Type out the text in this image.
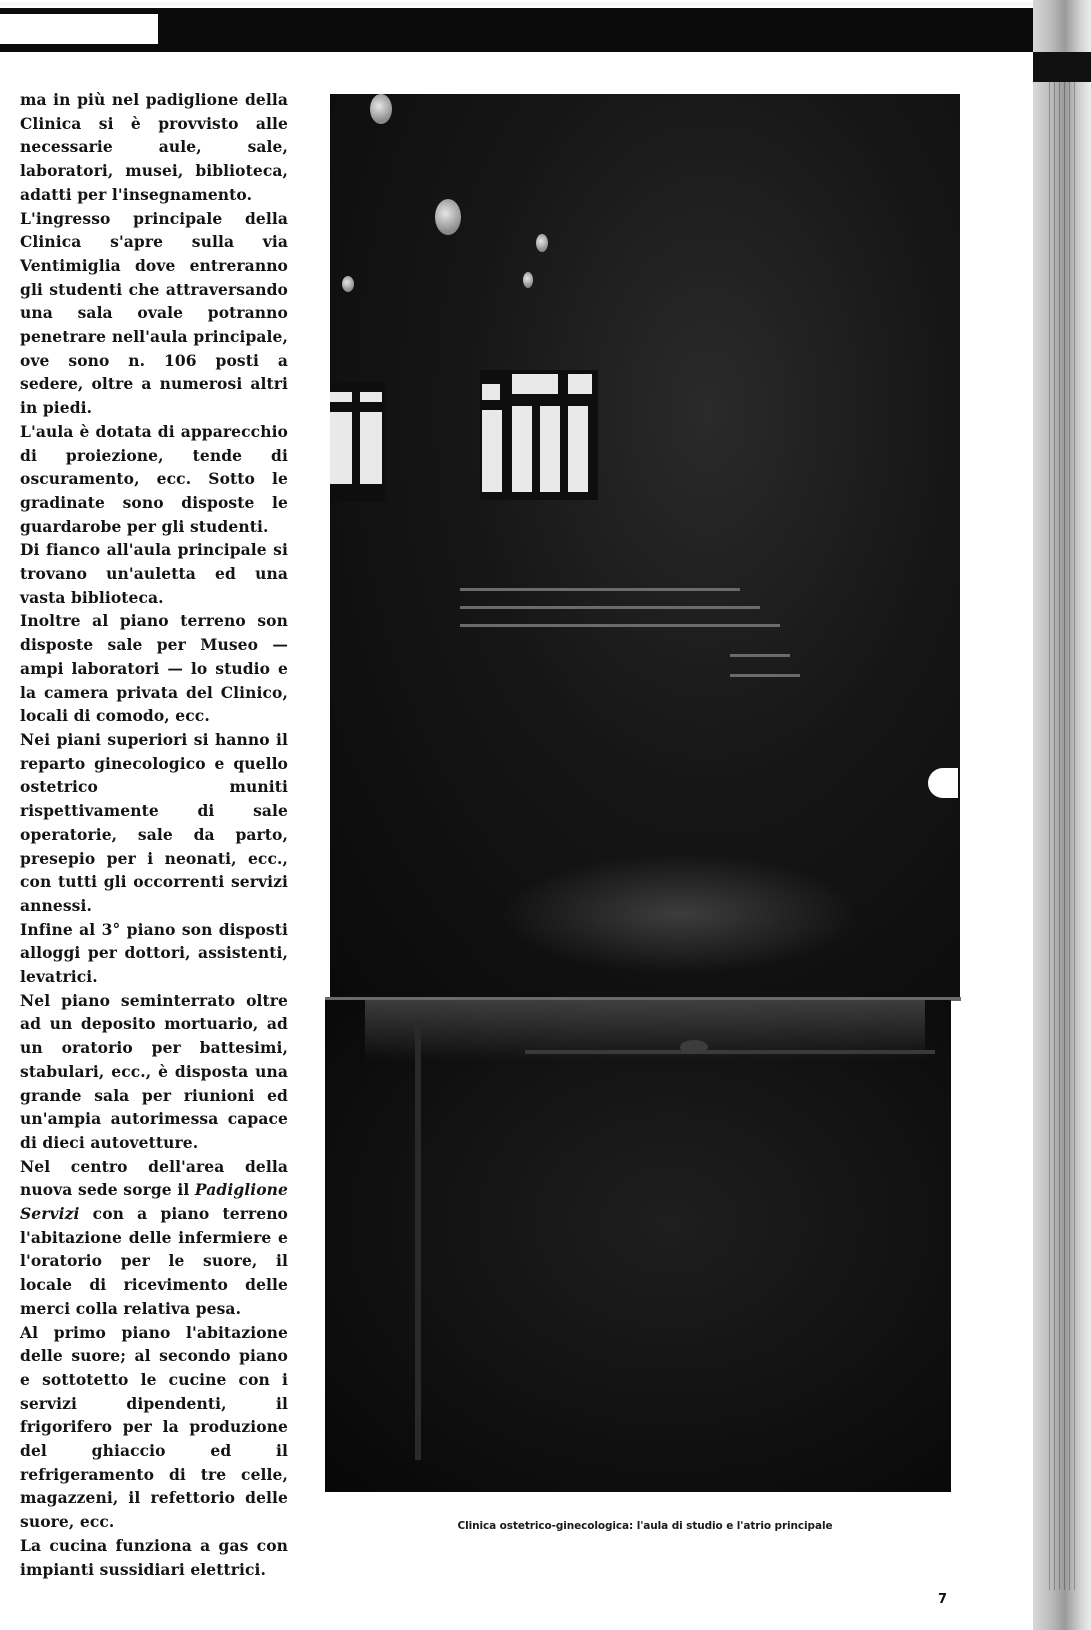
ma in più nel padiglione della Clinica si è provvisto alle necessarie aule, sale, laboratori, musei, biblioteca, adatti per l'insegnamento.

L'ingresso principale della Clinica s'apre sulla via Ventimiglia dove entreranno gli studenti che attraversando una sala ovale potranno penetrare nell'aula principale, ove sono n. 106 posti a sedere, oltre a numerosi altri in piedi.

L'aula è dotata di apparecchio di proiezione, tende di oscuramento, ecc. Sotto le gradinate sono disposte le guardarobe per gli studenti.

Di fianco all'aula principale si trovano un'auletta ed una vasta biblioteca.

Inoltre al piano terreno son disposte sale per Museo — ampi laboratori — lo studio e la camera privata del Clinico, locali di comodo, ecc.

Nei piani superiori si hanno il reparto ginecologico e quello ostetrico muniti rispettivamente di sale operatorie, sale da parto, presepio per i neonati, ecc., con tutti gli occorrenti servizi annessi.

Infine al 3° piano son disposti alloggi per dottori, assistenti, levatrici.

Nel piano seminterrato oltre ad un deposito mortuario, ad un oratorio per battesimi, stabulari, ecc., è disposta una grande sala per riunioni ed un'ampia autorimessa capace di dieci autovetture.

Nel centro dell'area della nuova sede sorge il Padiglione Servizi con a piano terreno l'abitazione delle infermiere e l'oratorio per le suore, il locale di ricevimento delle merci colla relativa pesa.

Al primo piano l'abitazione delle suore; al secondo piano e sottotetto le cucine con i servizi dipendenti, il frigorifero per la produzione del ghiaccio ed il refrigeramento di tre celle, magazzeni, il refettorio delle suore, ecc.

La cucina funziona a gas con impianti sussidiari elettrici.

Clinica ostetrico-ginecologica: l'aula di studio e l'atrio principale
7
